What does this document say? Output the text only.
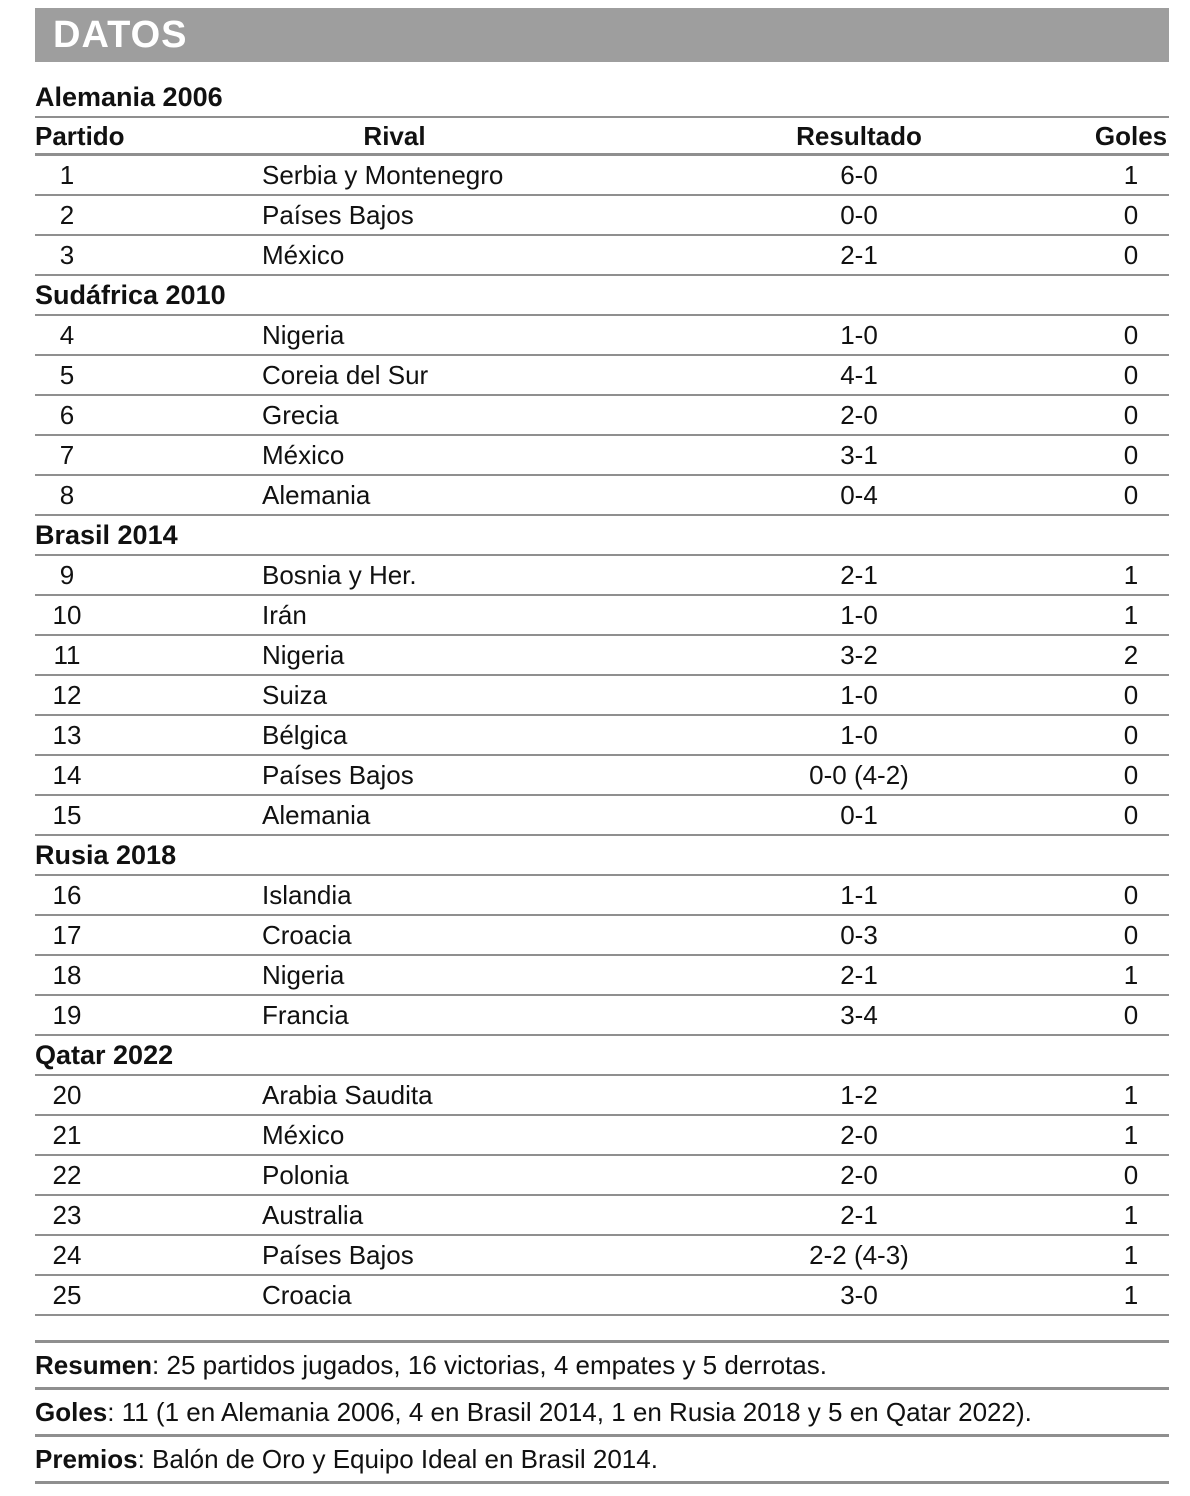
DATOS
Alemania 2006
Partido	Rival	Resultado	Goles
1	Serbia y Montenegro	6-0	1
2	Países Bajos	0-0	0
3	México	2-1	0
Sudáfrica 2010
4	Nigeria	1-0	0
5	Coreia del Sur	4-1	0
6	Grecia	2-0	0
7	México	3-1	0
8	Alemania	0-4	0
Brasil 2014
9	Bosnia y Her.	2-1	1
10	Irán	1-0	1
11	Nigeria	3-2	2
12	Suiza	1-0	0
13	Bélgica	1-0	0
14	Países Bajos	0-0 (4-2)	0
15	Alemania	0-1	0
Rusia 2018
16	Islandia	1-1	0
17	Croacia	0-3	0
18	Nigeria	2-1	1
19	Francia	3-4	0
Qatar 2022
20	Arabia Saudita	1-2	1
21	México	2-0	1
22	Polonia	2-0	0
23	Australia	2-1	1
24	Países Bajos	2-2 (4-3)	1
25	Croacia	3-0	1
Resumen : 25 partidos jugados, 16 victorias, 4 empates y 5 derrotas.
Goles : 11 (1 en Alemania 2006, 4 en Brasil 2014, 1 en Rusia 2018 y 5 en Qatar 2022).
Premios : Balón de Oro y Equipo Ideal en Brasil 2014.
